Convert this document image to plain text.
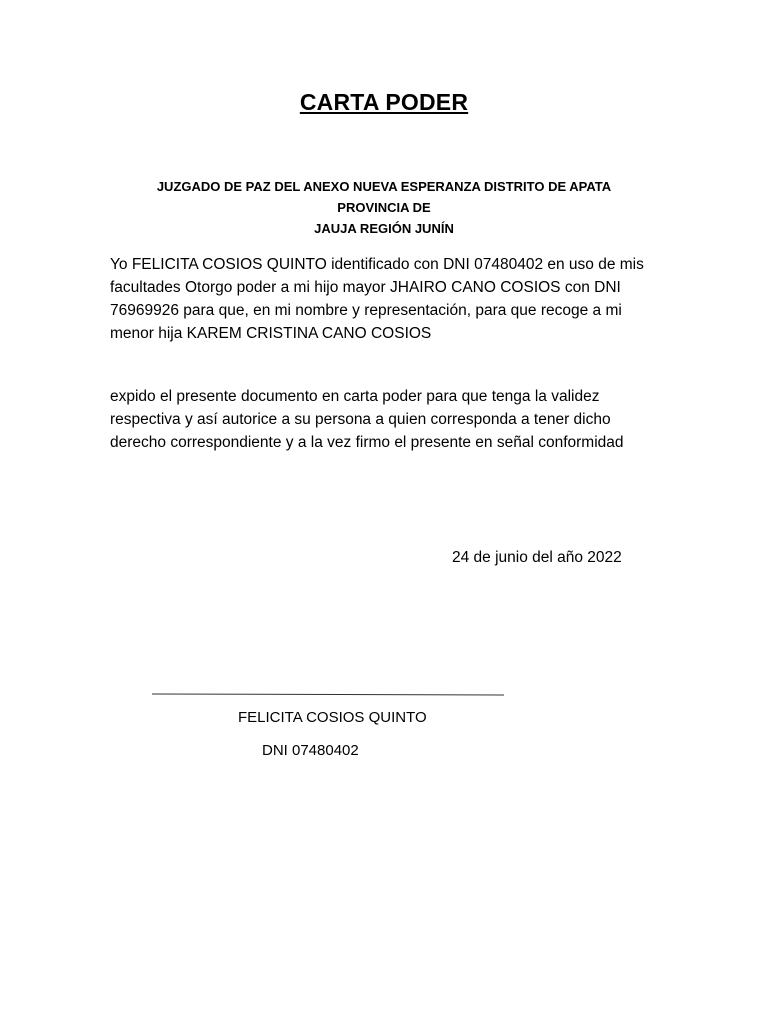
CARTA PODER
JUZGADO DE PAZ DEL ANEXO NUEVA ESPERANZA DISTRITO DE APATA PROVINCIA DE
JAUJA REGIÓN JUNÍN
Yo FELICITA COSIOS QUINTO identificado con DNI 07480402 en uso de mis facultades Otorgo poder a mi hijo mayor JHAIRO CANO COSIOS con DNI 76969926 para que, en mi nombre y representación, para que recoge a mi menor hija KAREM CRISTINA CANO COSIOS
expido el presente documento en carta poder para que tenga la validez respectiva y así autorice a su persona a quien corresponda a tener dicho derecho correspondiente y a la vez firmo el presente en señal conformidad
24 de junio del año 2022
FELICITA COSIOS QUINTO
DNI 07480402
